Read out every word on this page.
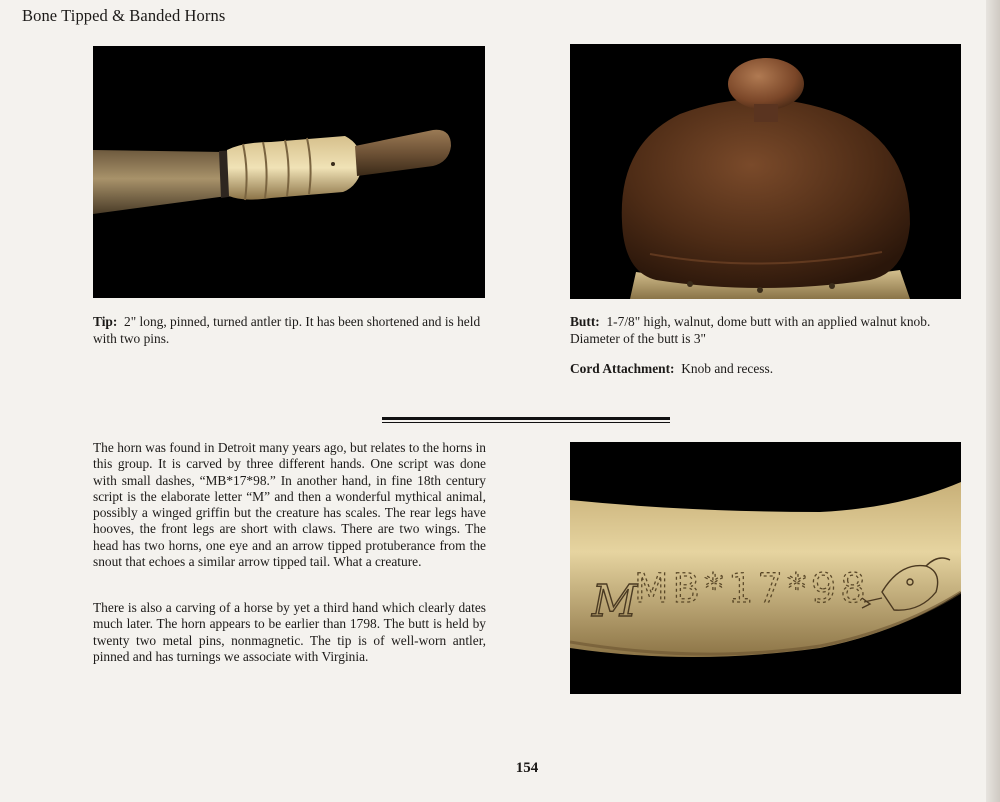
Bone Tipped & Banded Horns
Tip: 2" long, pinned, turned antler tip. It has been shortened and is held with two pins.
Butt: 1-7/8" high, walnut, dome butt with an applied walnut knob. Diameter of the butt is 3"
Cord Attachment: Knob and recess.

The horn was found in Detroit many years ago, but relates to the horns in this group. It is carved by three different hands. One script was done with small dashes, “MB*17*98.” In another hand, in fine 18th century script is the elaborate letter “M” and then a wonderful mythical animal, possibly a winged griffin but the creature has scales. The rear legs have hooves, the front legs are short with claws. There are two wings. The head has two horns, one eye and an arrow tipped protuberance from the snout that echoes a similar arrow tipped tail. What a creature.

There is also a carving of a horse by yet a third hand which clearly dates much later. The horn appears to be earlier than 1798. The butt is held by twenty two metal pins, nonmagnetic. The tip is of well-worn antler, pinned and has turnings we associate with Virginia.

M
MB*17*98
154
